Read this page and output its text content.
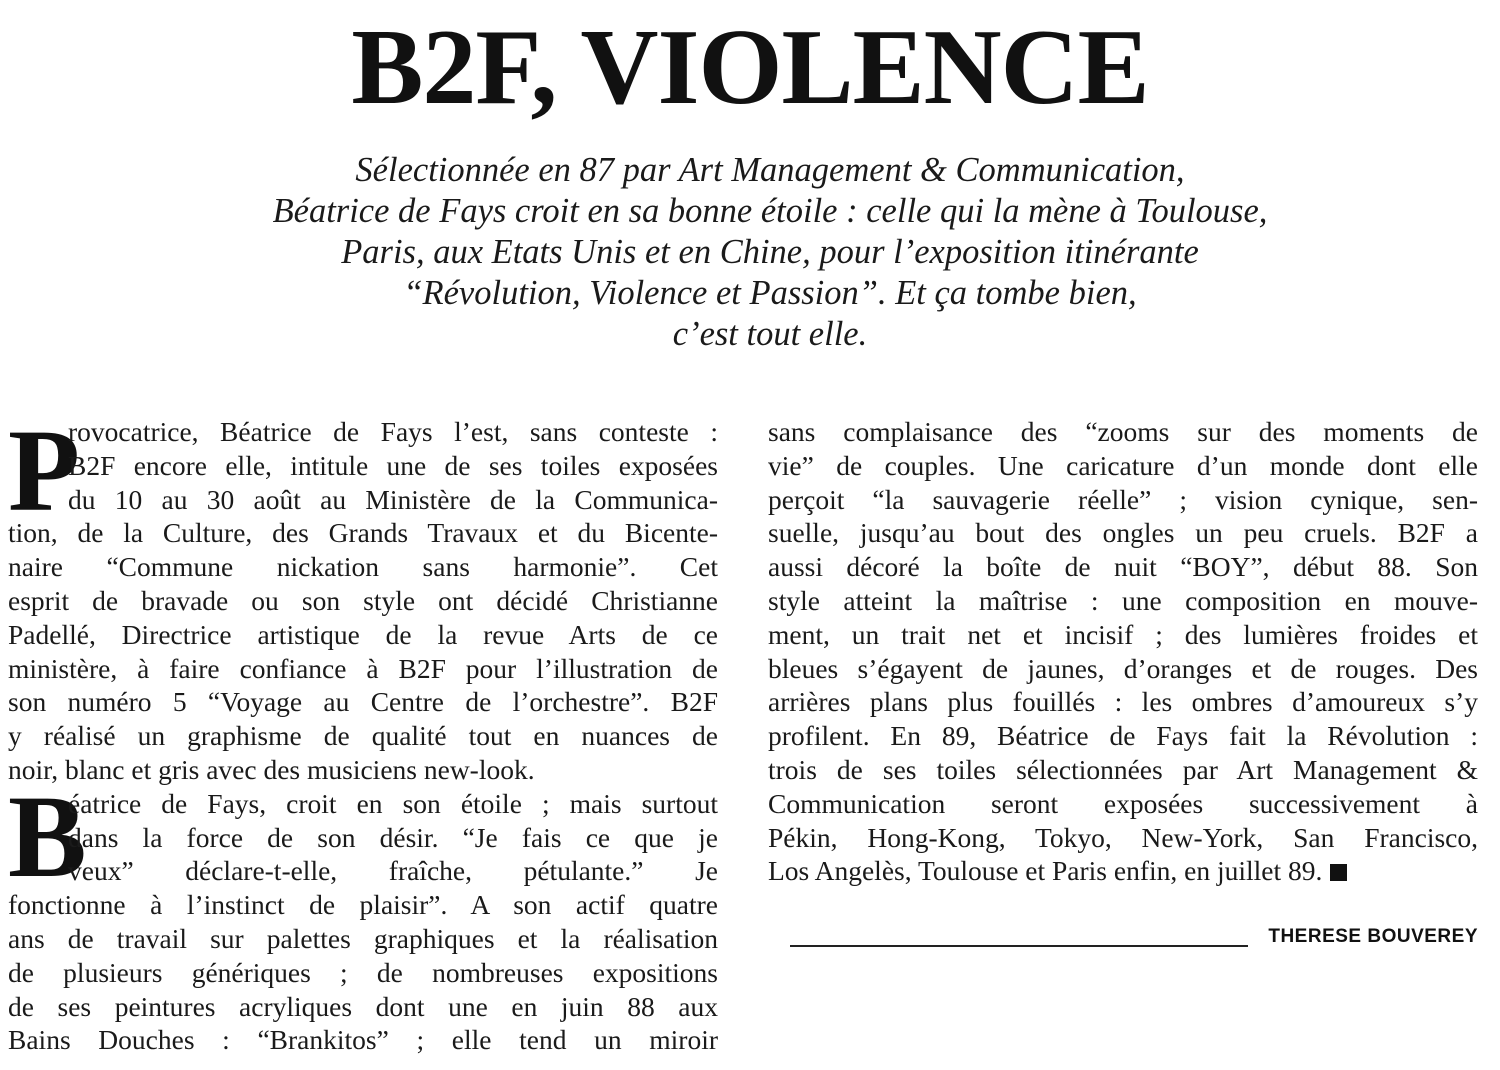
B2F, VIOLENCE
Sélectionnée en 87 par Art Management & Communication,
Béatrice de Fays croit en sa bonne étoile : celle qui la mène à Toulouse,
Paris, aux Etats Unis et en Chine, pour l’exposition itinérante
“Révolution, Violence et Passion”. Et ça tombe bien,
c’est tout elle.
P
rovocatrice, Béatrice de Fays l’est, sans conteste :
B2F encore elle, intitule une de ses toiles exposées
du 10 au 30 août au Ministère de la Communica-
tion, de la Culture, des Grands Travaux et du Bicente-
naire “Commune nickation sans harmonie”. Cet
esprit de bravade ou son style ont décidé Christianne
Padellé, Directrice artistique de la revue Arts de ce
ministère, à faire confiance à B2F pour l’illustration de
son numéro 5 “Voyage au Centre de l’orchestre”. B2F
y réalisé un graphisme de qualité tout en nuances de
noir, blanc et gris avec des musiciens new-look.
B
éatrice de Fays, croit en son étoile ; mais surtout
dans la force de son désir. “Je fais ce que je
veux” déclare-t-elle, fraîche, pétulante.” Je
fonctionne à l’instinct de plaisir”. A son actif quatre
ans de travail sur palettes graphiques et la réalisation
de plusieurs génériques ; de nombreuses expositions
de ses peintures acryliques dont une en juin 88 aux
Bains Douches : “Brankitos” ; elle tend un miroir
sans complaisance des “zooms sur des moments de
vie” de couples. Une caricature d’un monde dont elle
perçoit “la sauvagerie réelle” ; vision cynique, sen-
suelle, jusqu’au bout des ongles un peu cruels. B2F a
aussi décoré la boîte de nuit “BOY”, début 88. Son
style atteint la maîtrise : une composition en mouve-
ment, un trait net et incisif ; des lumières froides et
bleues s’égayent de jaunes, d’oranges et de rouges. Des
arrières plans plus fouillés : les ombres d’amoureux s’y
profilent. En 89, Béatrice de Fays fait la Révolution :
trois de ses toiles sélectionnées par Art Management &
Communication seront exposées successivement à
Pékin, Hong-Kong, Tokyo, New-York, San Francisco,
Los Angelès, Toulouse et Paris enfin, en juillet 89.
THERESE BOUVEREY
